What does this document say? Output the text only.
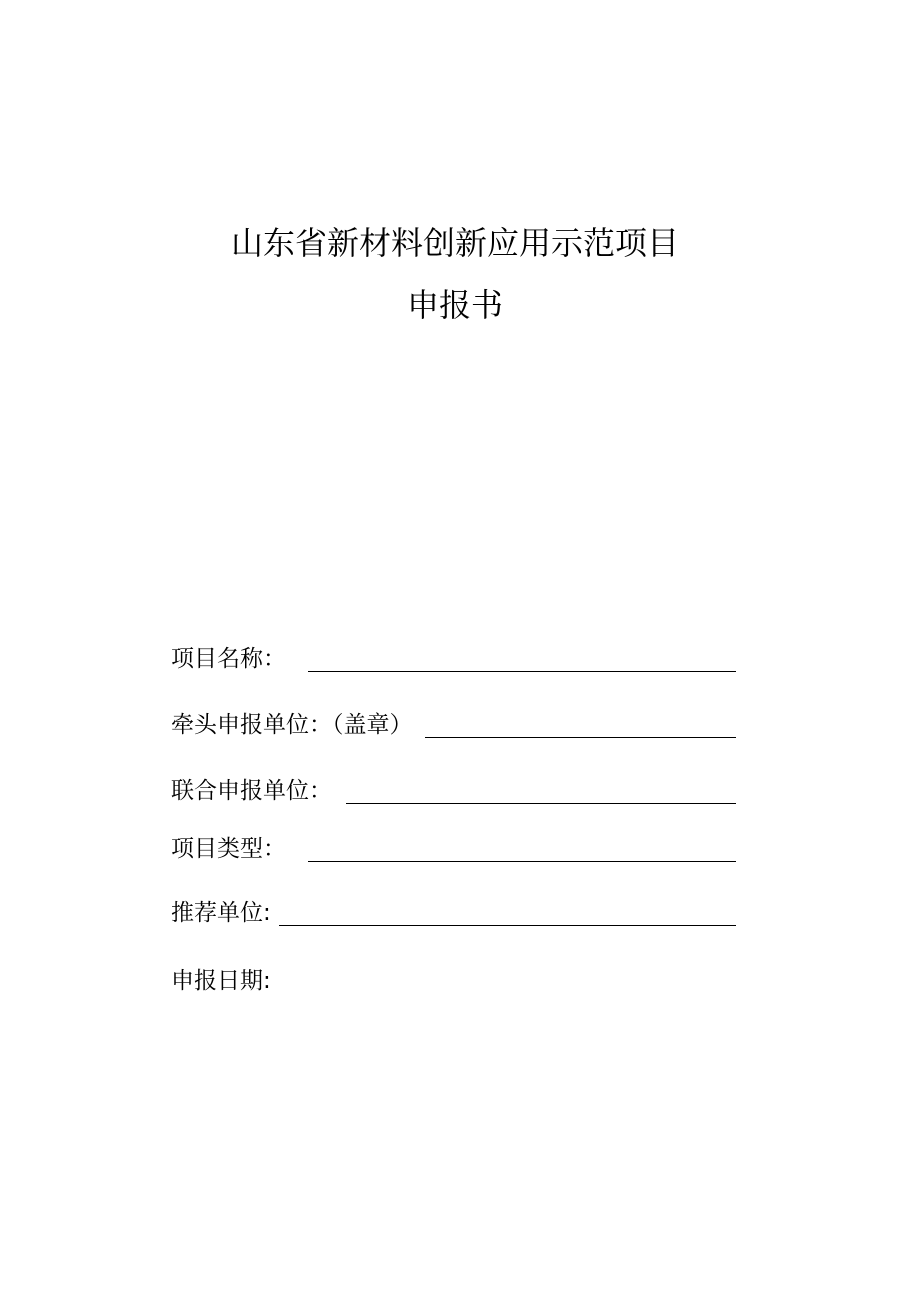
山东省新材料创新应用示范项目
申报书
项目名称：
牵头申报单位：（盖章）
联合申报单位：
项目类型：
推荐单位:
申报日期:
